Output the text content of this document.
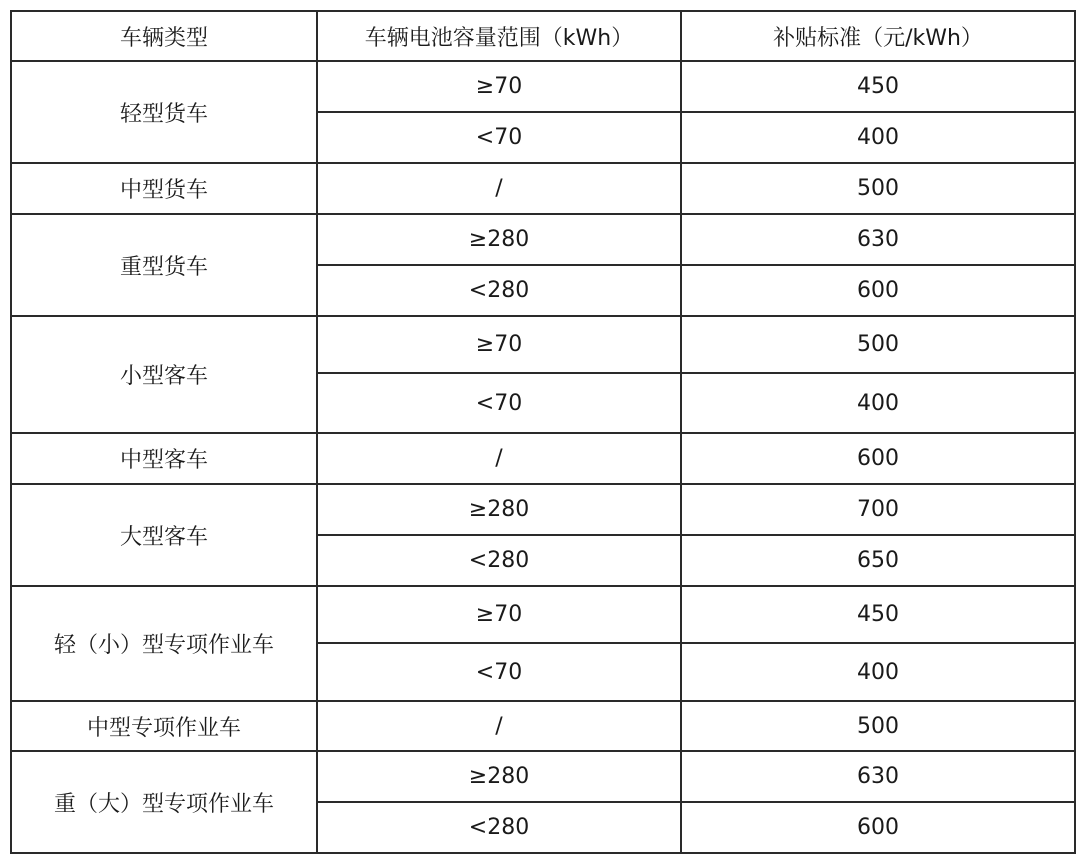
车辆类型	车辆电池容量范围（kWh）	补贴标准（元/kWh）
轻型货车	≥70	450
	<70	400
中型货车	/	500
重型货车	≥280	630
	<280	600
小型客车	≥70	500
	<70	400
中型客车	/	600
大型客车	≥280	700
	<280	650
轻（小）型专项作业车	≥70	450
	<70	400
中型专项作业车	/	500
重（大）型专项作业车	≥280	630
	<280	600
